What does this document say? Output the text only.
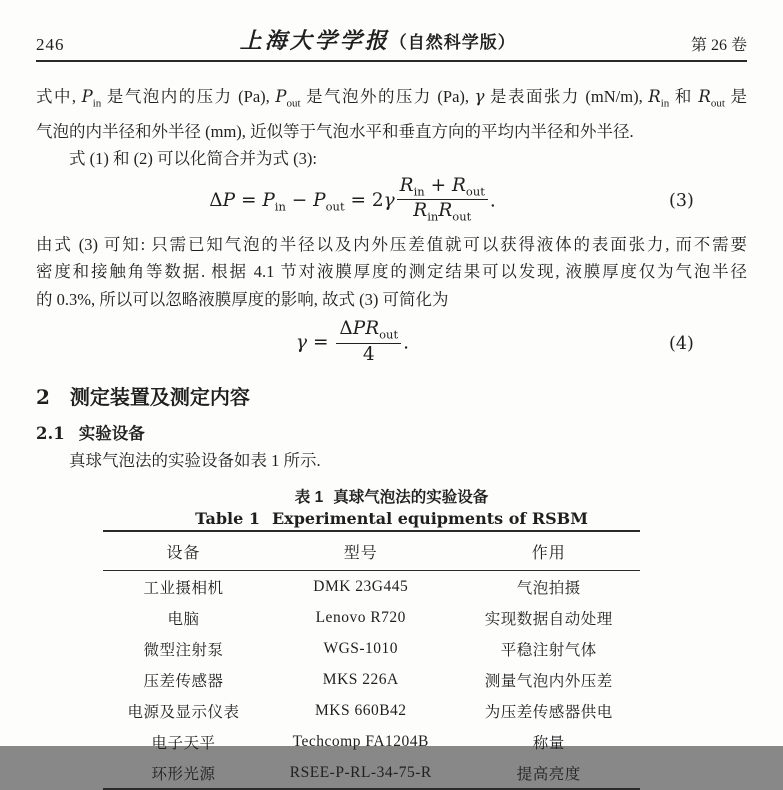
246	上海大学学报（自然科学版）	第 26 卷
式中, $P_{in}$ 是气泡内的压力 (Pa), $P_{out}$ 是气泡外的压力 (Pa), γ 是表面张力 (mN/m), $R_{in}$ 和 $R_{out}$ 是
气泡的内半径和外半径 (mm), 近似等于气泡水平和垂直方向的平均内半径和外半径.
式 (1) 和 (2) 可以化简合并为式 (3):
$\Delta P = P_{in} - P_{out} = 2\gamma \frac{R_{in} + R_{out}}{R_{in}R_{out}}$ .	(3)
由式 (3) 可知: 只需已知气泡的半径以及内外压差值就可以获得液体的表面张力, 而不需要
密度和接触角等数据. 根据 4.1 节对液膜厚度的测定结果可以发现, 液膜厚度仅为气泡半径
的 0.3%, 所以可以忽略液膜厚度的影响, 故式 (3) 可简化为
$\gamma = \frac{\Delta PR_{out}}{4}$ .	(4)
2 测定装置及测定内容
2.1 实验设备
真球气泡法的实验设备如表 1 所示.
表 1 真球气泡法的实验设备
Table 1 Experimental equipments of RSBM
设备	型号	作用
工业摄相机	DMK 23G445	气泡拍摄
电脑	Lenovo R720	实现数据自动处理
微型注射泵	WGS-1010	平稳注射气体
压差传感器	MKS 226A	测量气泡内外压差
电源及显示仪表	MKS 660B42	为压差传感器供电
电子天平	Techcomp FA1204B	称量
环形光源	RSEE-P-RL-34-75-R	提高亮度
